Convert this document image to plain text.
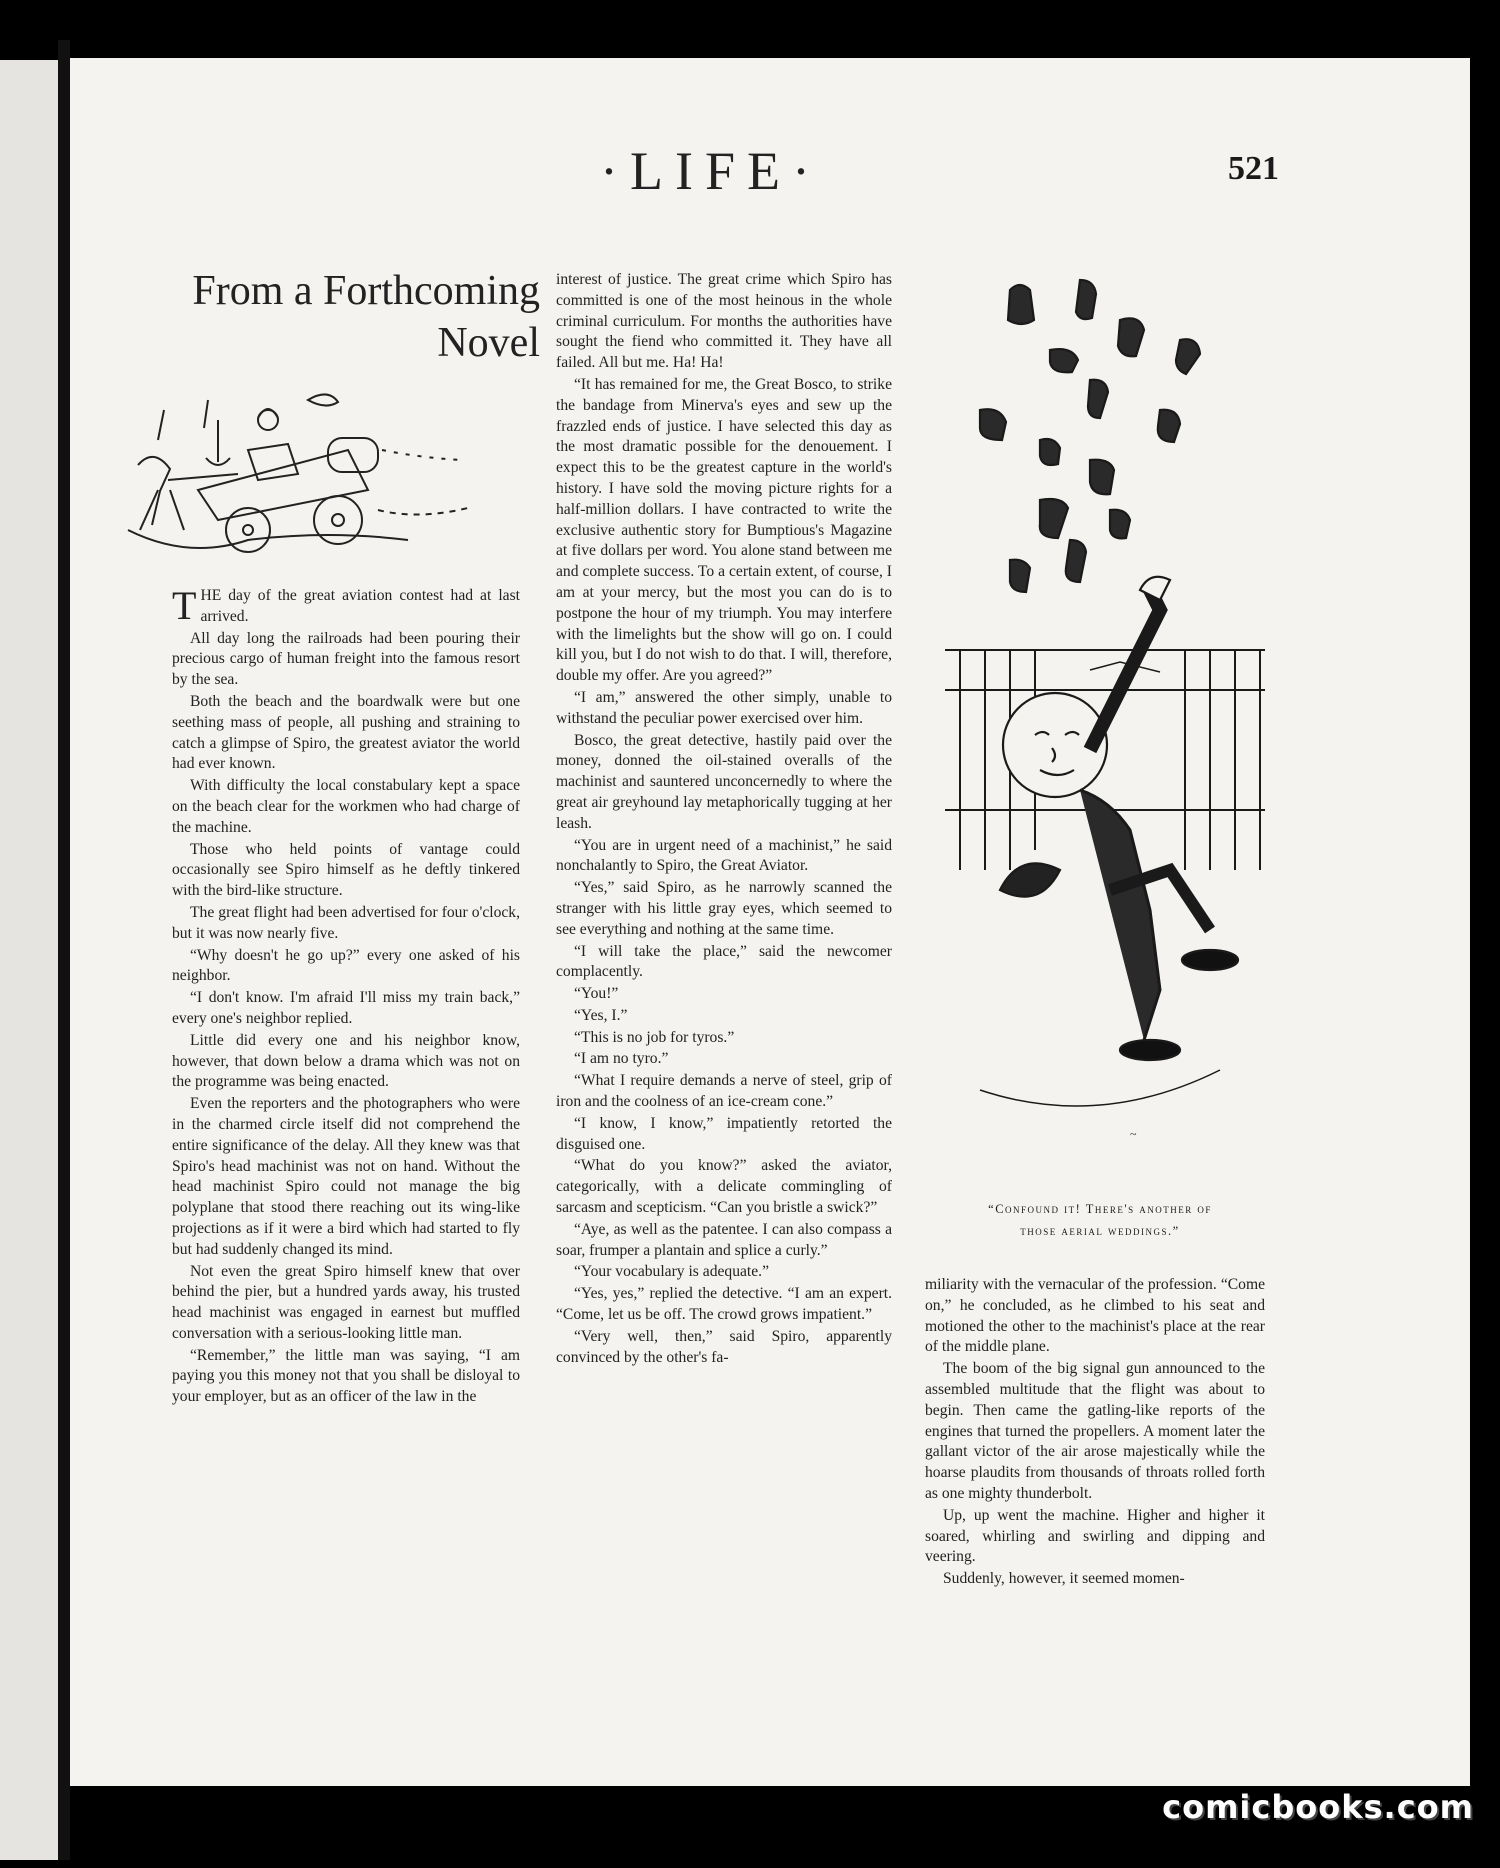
·LIFE·	521
From a Forthcoming
Novel

THE day of the great aviation contest had at last arrived.

All day long the railroads had been pouring their precious cargo of human freight into the famous resort by the sea.

Both the beach and the boardwalk were but one seething mass of people, all pushing and straining to catch a glimpse of Spiro, the greatest aviator the world had ever known.

With difficulty the local constabulary kept a space on the beach clear for the workmen who had charge of the machine.

Those who held points of vantage could occasionally see Spiro himself as he deftly tinkered with the bird-like structure.

The great flight had been advertised for four o'clock, but it was now nearly five.

“Why doesn't he go up?” every one asked of his neighbor.

“I don't know. I'm afraid I'll miss my train back,” every one's neighbor replied.

Little did every one and his neighbor know, however, that down below a drama which was not on the programme was being enacted.

Even the reporters and the photographers who were in the charmed circle itself did not comprehend the entire significance of the delay. All they knew was that Spiro's head machinist was not on hand. Without the head machinist Spiro could not manage the big polyplane that stood there reaching out its wing-like projections as if it were a bird which had started to fly but had suddenly changed its mind.

Not even the great Spiro himself knew that over behind the pier, but a hundred yards away, his trusted head machinist was engaged in earnest but muffled conversation with a serious-looking little man.

“Remember,” the little man was saying, “I am paying you this money not that you shall be disloyal to your employer, but as an officer of the law in the

interest of justice. The great crime which Spiro has committed is one of the most heinous in the whole criminal curriculum. For months the authorities have sought the fiend who committed it. They have all failed. All but me. Ha! Ha!

“It has remained for me, the Great Bosco, to strike the bandage from Minerva's eyes and sew up the frazzled ends of justice. I have selected this day as the most dramatic possible for the denouement. I expect this to be the greatest capture in the world's history. I have sold the moving picture rights for a half-million dollars. I have contracted to write the exclusive authentic story for Bumptious's Magazine at five dollars per word. You alone stand between me and complete success. To a certain extent, of course, I am at your mercy, but the most you can do is to postpone the hour of my triumph. You may interfere with the limelights but the show will go on. I could kill you, but I do not wish to do that. I will, therefore, double my offer. Are you agreed?”

“I am,” answered the other simply, unable to withstand the peculiar power exercised over him.

Bosco, the great detective, hastily paid over the money, donned the oil-stained overalls of the machinist and sauntered unconcernedly to where the great air greyhound lay metaphorically tugging at her leash.

“You are in urgent need of a machinist,” he said nonchalantly to Spiro, the Great Aviator.

“Yes,” said Spiro, as he narrowly scanned the stranger with his little gray eyes, which seemed to see everything and nothing at the same time.

“I will take the place,” said the newcomer complacently.

“You!”

“Yes, I.”

“This is no job for tyros.”

“I am no tyro.”

“What I require demands a nerve of steel, grip of iron and the coolness of an ice-cream cone.”

“I know, I know,” impatiently retorted the disguised one.

“What do you know?” asked the aviator, categorically, with a delicate commingling of sarcasm and scepticism. “Can you bristle a swick?”

“Aye, as well as the patentee. I can also compass a soar, frumper a plantain and splice a curly.”

“Your vocabulary is adequate.”

“Yes, yes,” replied the detective. “I am an expert. “Come, let us be off. The crowd grows impatient.”

“Very well, then,” said Spiro, apparently convinced by the other's fa-

~
“Confound it! There's another of
those aerial weddings.”

miliarity with the vernacular of the profession. “Come on,” he concluded, as he climbed to his seat and motioned the other to the machinist's place at the rear of the middle plane.

The boom of the big signal gun announced to the assembled multitude that the flight was about to begin. Then came the gatling-like reports of the engines that turned the propellers. A moment later the gallant victor of the air arose majestically while the hoarse plaudits from thousands of throats rolled forth as one mighty thunderbolt.

Up, up went the machine. Higher and higher it soared, whirling and swirling and dipping and veering.

Suddenly, however, it seemed momen-

comicbooks.com
